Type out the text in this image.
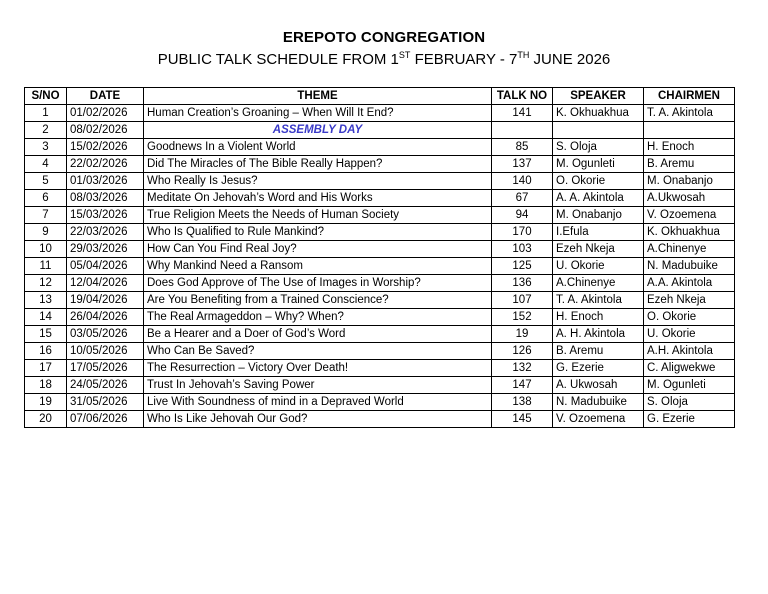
EREPOTO CONGREGATION
PUBLIC TALK SCHEDULE FROM 1ST FEBRUARY - 7TH JUNE 2026
S/NO	DATE	THEME	TALK NO	SPEAKER	CHAIRMEN
1	01/02/2026	Human Creation’s Groaning – When Will It End?	141	K. Okhuakhua	T. A. Akintola
2	08/02/2026	ASSEMBLY DAY			
3	15/02/2026	Goodnews In a Violent World	85	S. Oloja	H. Enoch
4	22/02/2026	Did The Miracles of The Bible Really Happen?	137	M. Ogunleti	B. Aremu
5	01/03/2026	Who Really Is Jesus?	140	O. Okorie	M. Onabanjo
6	08/03/2026	Meditate On Jehovah’s Word and His Works	67	A. A. Akintola	A.Ukwosah
7	15/03/2026	True Religion Meets the Needs of Human Society	94	M. Onabanjo	V. Ozoemena
9	22/03/2026	Who Is Qualified to Rule Mankind?	170	I.Efula	K. Okhuakhua
10	29/03/2026	How Can You Find Real Joy?	103	Ezeh Nkeja	A.Chinenye
11	05/04/2026	Why Mankind Need a Ransom	125	U. Okorie	N. Madubuike
12	12/04/2026	Does God Approve of The Use of Images in Worship?	136	A.Chinenye	A.A. Akintola
13	19/04/2026	Are You Benefiting from a Trained Conscience?	107	T. A. Akintola	Ezeh Nkeja
14	26/04/2026	The Real Armageddon – Why? When?	152	H. Enoch	O. Okorie
15	03/05/2026	Be a Hearer and a Doer of God’s Word	19	A. H. Akintola	U. Okorie
16	10/05/2026	Who Can Be Saved?	126	B. Aremu	A.H. Akintola
17	17/05/2026	The Resurrection – Victory Over Death!	132	G. Ezerie	C. Aligwekwe
18	24/05/2026	Trust In Jehovah’s Saving Power	147	A. Ukwosah	M. Ogunleti
19	31/05/2026	Live With Soundness of mind in a Depraved World	138	N. Madubuike	S. Oloja
20	07/06/2026	Who Is Like Jehovah Our God?	145	V. Ozoemena	G. Ezerie
